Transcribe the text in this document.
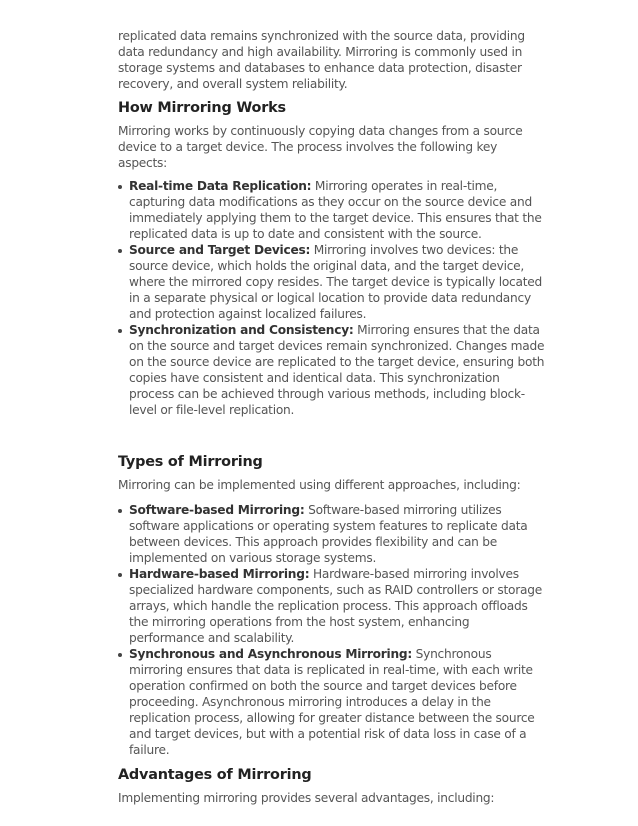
replicated data remains synchronized with the source data, providing data redundancy and high availability. Mirroring is commonly used in storage systems and databases to enhance data protection, disaster recovery, and overall system reliability.

How Mirroring Works

Mirroring works by continuously copying data changes from a source device to a target device. The process involves the following key aspects:

Real-time Data Replication: Mirroring operates in real-time, capturing data modifications as they occur on the source device and immediately applying them to the target device. This ensures that the replicated data is up to date and consistent with the source.
Source and Target Devices: Mirroring involves two devices: the source device, which holds the original data, and the target device, where the mirrored copy resides. The target device is typically located in a separate physical or logical location to provide data redundancy and protection against localized failures.
Synchronization and Consistency: Mirroring ensures that the data on the source and target devices remain synchronized. Changes made on the source device are replicated to the target device, ensuring both copies have consistent and identical data. This synchronization process can be achieved through various methods, including block-level or file-level replication.
Types of Mirroring

Mirroring can be implemented using different approaches, including:

Software-based Mirroring: Software-based mirroring utilizes software applications or operating system features to replicate data between devices. This approach provides flexibility and can be implemented on various storage systems.
Hardware-based Mirroring: Hardware-based mirroring involves specialized hardware components, such as RAID controllers or storage arrays, which handle the replication process. This approach offloads the mirroring operations from the host system, enhancing performance and scalability.
Synchronous and Asynchronous Mirroring: Synchronous mirroring ensures that data is replicated in real-time, with each write operation confirmed on both the source and target devices before proceeding. Asynchronous mirroring introduces a delay in the replication process, allowing for greater distance between the source and target devices, but with a potential risk of data loss in case of a failure.
Advantages of Mirroring

Implementing mirroring provides several advantages, including:
